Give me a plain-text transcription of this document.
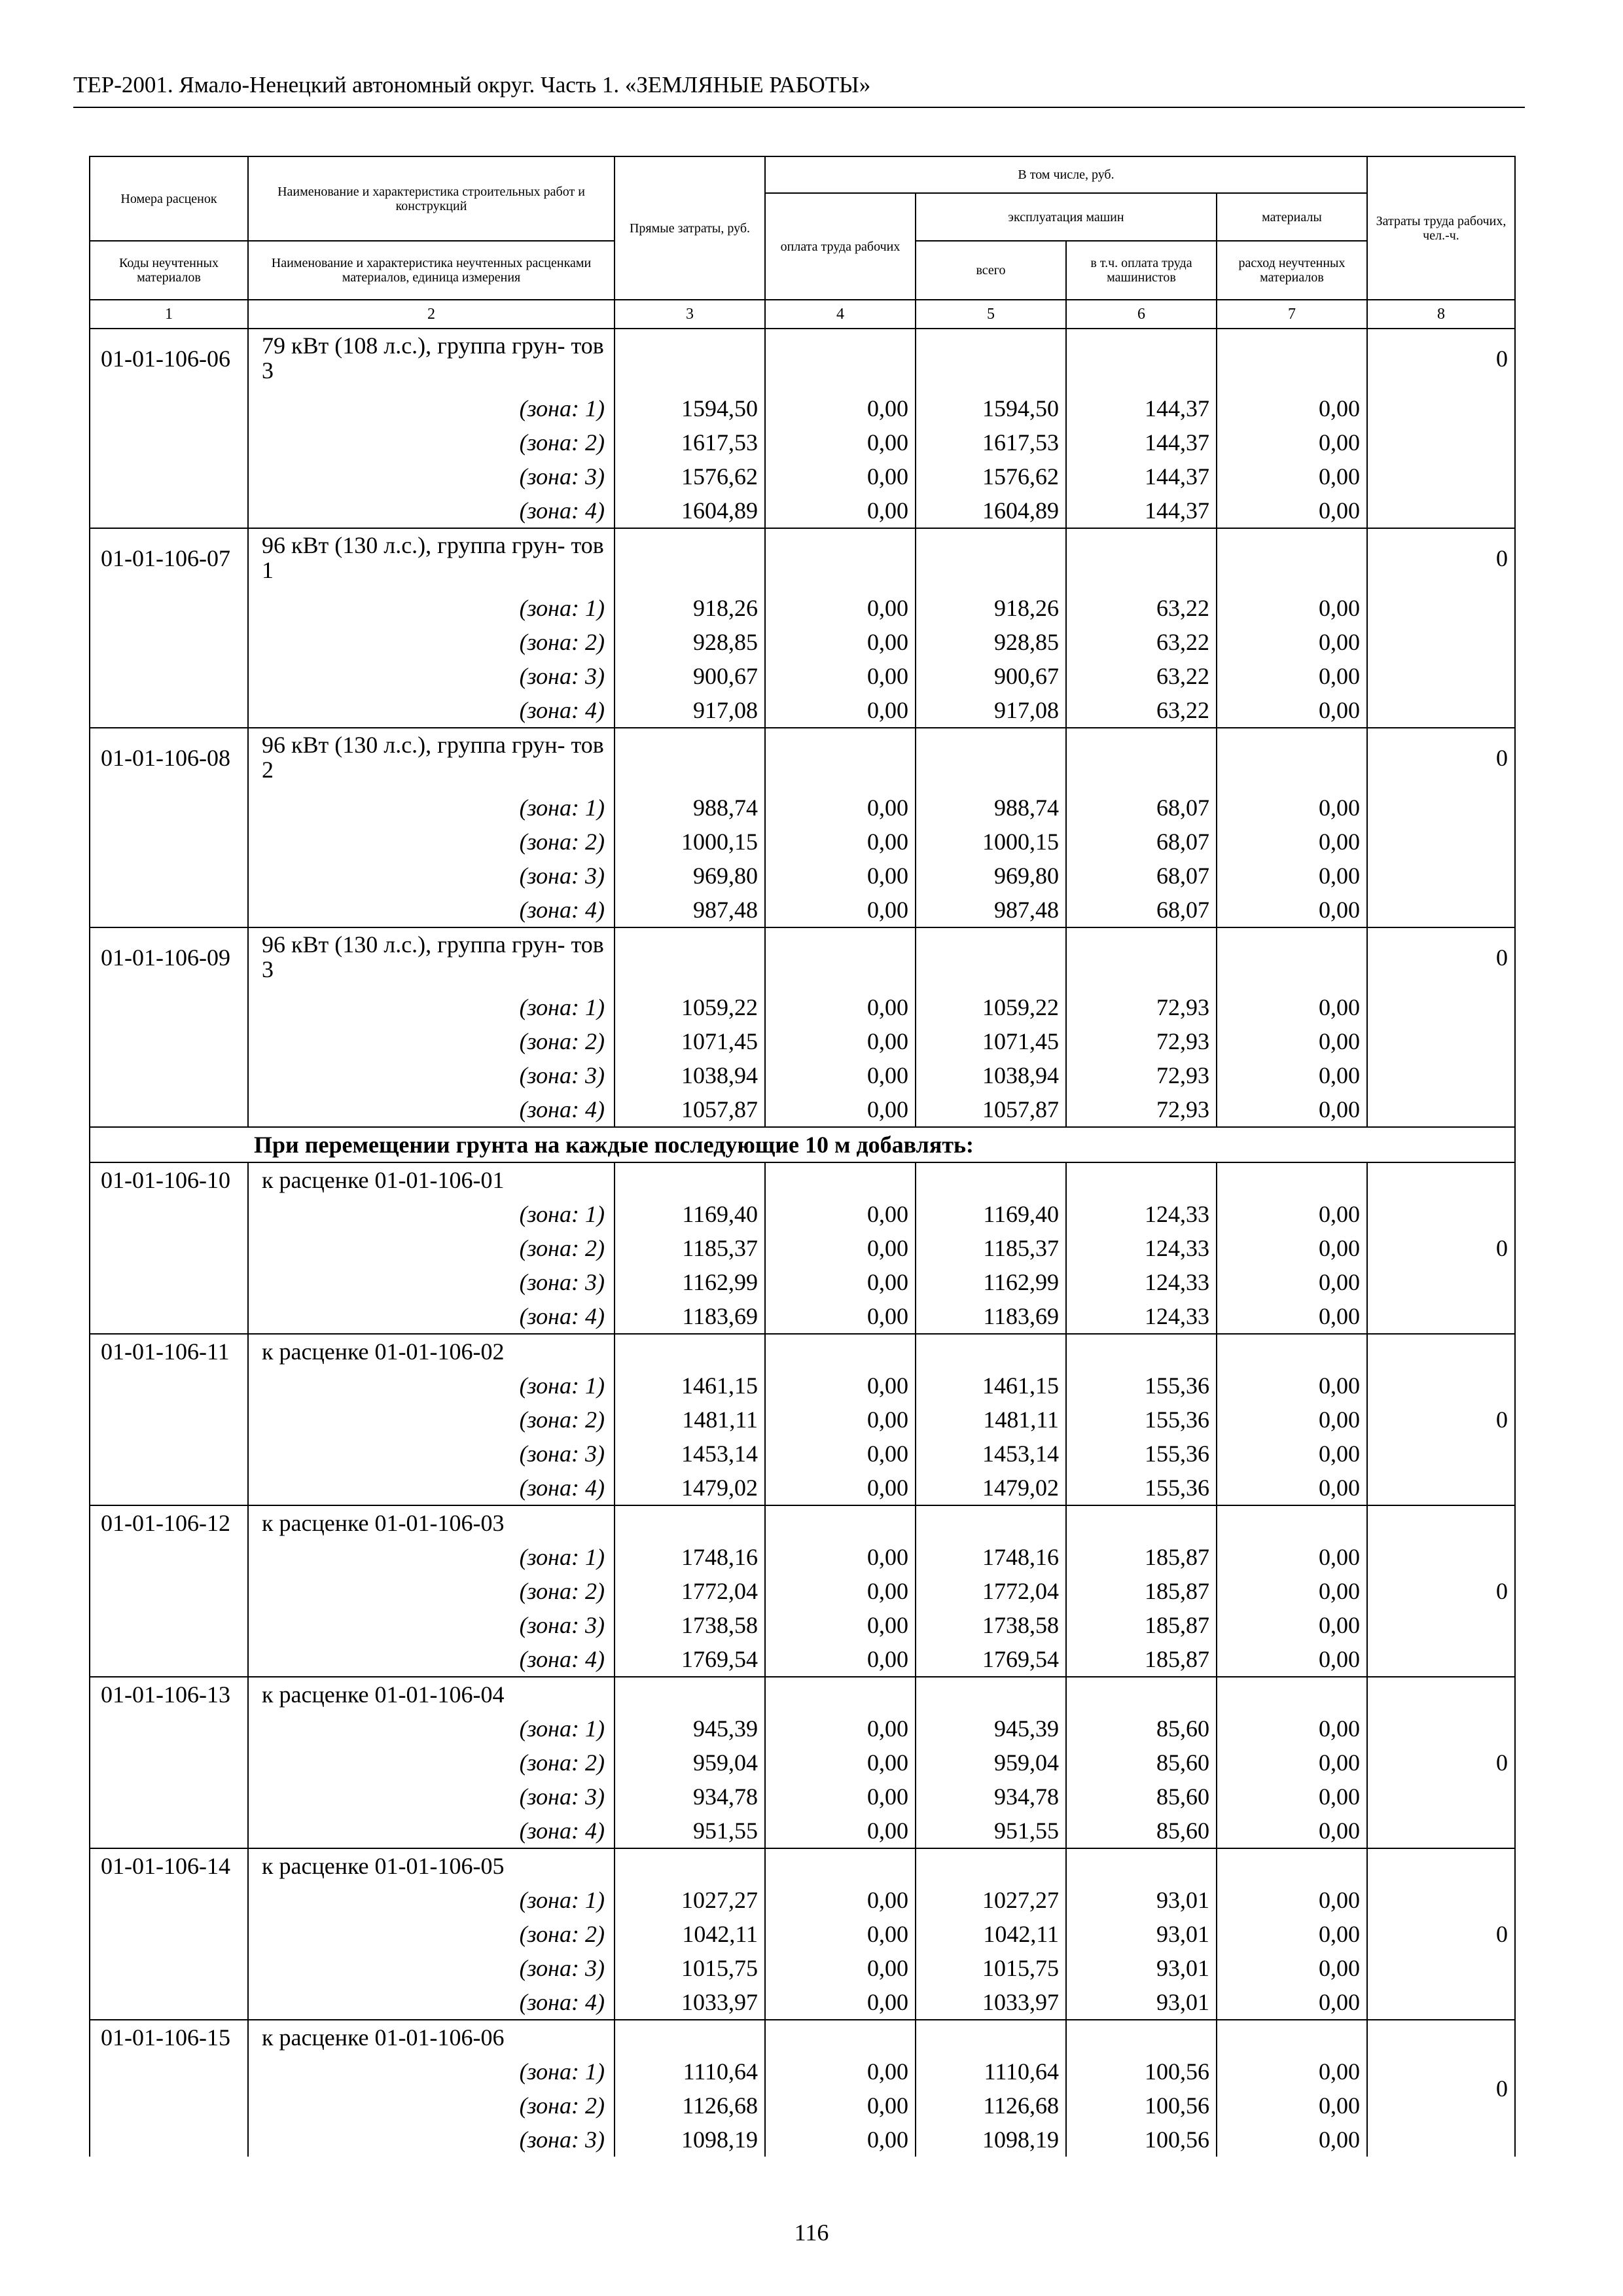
ТЕР-2001. Ямало-Ненецкий автономный округ. Часть 1. «ЗЕМЛЯНЫЕ РАБОТЫ»
Номера расценок	Наименование и характеристика строительных работ и конструкций	Прямые затраты, руб.	В том числе, руб.				Затраты труда рабочих, чел.-ч.
			оплата труда рабочих	эксплуатация машин		материалы	
Коды неучтенных материалов	Наименование и характеристика неучтенных расценками материалов, единица измерения			всего	в т.ч. оплата труда машинистов	расход неучтенных материалов	
1	2	3	4	5	6	7	8
01-01-106-06	79 кВт (108 л.с.), группа грун- тов 3						0
	(зона: 1)	1594,50	0,00	1594,50	144,37	0,00	
	(зона: 2)	1617,53	0,00	1617,53	144,37	0,00	
	(зона: 3)	1576,62	0,00	1576,62	144,37	0,00	
	(зона: 4)	1604,89	0,00	1604,89	144,37	0,00	
01-01-106-07	96 кВт (130 л.с.), группа грун- тов 1						0
	(зона: 1)	918,26	0,00	918,26	63,22	0,00	
	(зона: 2)	928,85	0,00	928,85	63,22	0,00	
	(зона: 3)	900,67	0,00	900,67	63,22	0,00	
	(зона: 4)	917,08	0,00	917,08	63,22	0,00	
01-01-106-08	96 кВт (130 л.с.), группа грун- тов 2						0
	(зона: 1)	988,74	0,00	988,74	68,07	0,00	
	(зона: 2)	1000,15	0,00	1000,15	68,07	0,00	
	(зона: 3)	969,80	0,00	969,80	68,07	0,00	
	(зона: 4)	987,48	0,00	987,48	68,07	0,00	
01-01-106-09	96 кВт (130 л.с.), группа грун- тов 3						0
	(зона: 1)	1059,22	0,00	1059,22	72,93	0,00	
	(зона: 2)	1071,45	0,00	1071,45	72,93	0,00	
	(зона: 3)	1038,94	0,00	1038,94	72,93	0,00	
	(зона: 4)	1057,87	0,00	1057,87	72,93	0,00	
При перемещении грунта на каждые последующие 10 м добавлять:							
01-01-106-10	к расценке 01-01-106-01						0
	(зона: 1)	1169,40	0,00	1169,40	124,33	0,00	
	(зона: 2)	1185,37	0,00	1185,37	124,33	0,00	
	(зона: 3)	1162,99	0,00	1162,99	124,33	0,00	
	(зона: 4)	1183,69	0,00	1183,69	124,33	0,00	
01-01-106-11	к расценке 01-01-106-02						0
	(зона: 1)	1461,15	0,00	1461,15	155,36	0,00	
	(зона: 2)	1481,11	0,00	1481,11	155,36	0,00	
	(зона: 3)	1453,14	0,00	1453,14	155,36	0,00	
	(зона: 4)	1479,02	0,00	1479,02	155,36	0,00	
01-01-106-12	к расценке 01-01-106-03						0
	(зона: 1)	1748,16	0,00	1748,16	185,87	0,00	
	(зона: 2)	1772,04	0,00	1772,04	185,87	0,00	
	(зона: 3)	1738,58	0,00	1738,58	185,87	0,00	
	(зона: 4)	1769,54	0,00	1769,54	185,87	0,00	
01-01-106-13	к расценке 01-01-106-04						0
	(зона: 1)	945,39	0,00	945,39	85,60	0,00	
	(зона: 2)	959,04	0,00	959,04	85,60	0,00	
	(зона: 3)	934,78	0,00	934,78	85,60	0,00	
	(зона: 4)	951,55	0,00	951,55	85,60	0,00	
01-01-106-14	к расценке 01-01-106-05						0
	(зона: 1)	1027,27	0,00	1027,27	93,01	0,00	
	(зона: 2)	1042,11	0,00	1042,11	93,01	0,00	
	(зона: 3)	1015,75	0,00	1015,75	93,01	0,00	
	(зона: 4)	1033,97	0,00	1033,97	93,01	0,00	
01-01-106-15	к расценке 01-01-106-06						0
	(зона: 1)	1110,64	0,00	1110,64	100,56	0,00	
	(зона: 2)	1126,68	0,00	1126,68	100,56	0,00	
	(зона: 3)	1098,19	0,00	1098,19	100,56	0,00	
116
